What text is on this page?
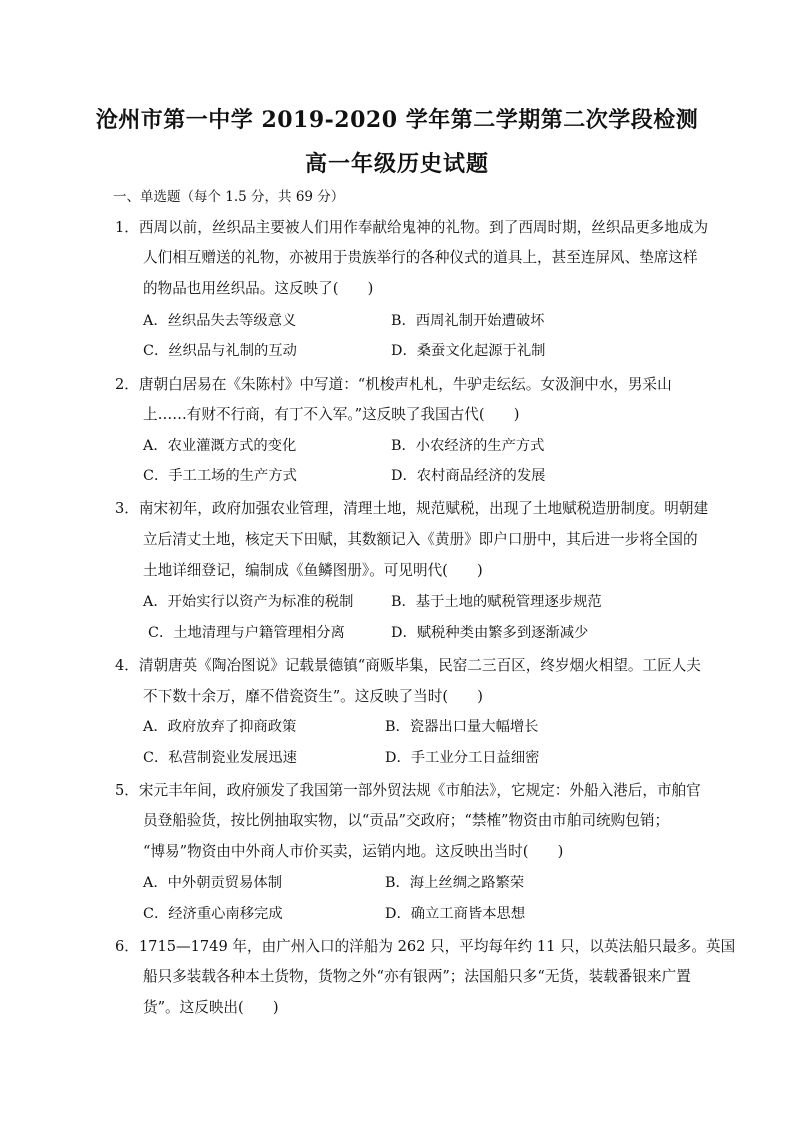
沧州市第一中学 2019-2020 学年第二学期第二次学段检测
高一年级历史试题
一、单选题（每个 1.5 分，共 69 分）
1．西周以前，丝织品主要被人们用作奉献给鬼神的礼物。到了西周时期，丝织品更多地成为
人们相互赠送的礼物，亦被用于贵族举行的各种仪式的道具上，甚至连屏风、垫席这样
的物品也用丝织品。这反映了(　　)
A．丝织品失去等级意义	B．西周礼制开始遭破坏
C．丝织品与礼制的互动	D．桑蚕文化起源于礼制
2．唐朝白居易在《朱陈村》中写道：“机梭声札札，牛驴走纭纭。女汲涧中水，男采山
上……有财不行商，有丁不入军。”这反映了我国古代(　　)
A．农业灌溉方式的变化	B．小农经济的生产方式
C．手工工场的生产方式	D．农村商品经济的发展
3．南宋初年，政府加强农业管理，清理土地，规范赋税，出现了土地赋税造册制度。明朝建
立后清丈土地，核定天下田赋，其数额记入《黄册》即户口册中，其后进一步将全国的
土地详细登记，编制成《鱼鳞图册》。可见明代(　　)
A．开始实行以资产为标准的税制	B．基于土地的赋税管理逐步规范
C．土地清理与户籍管理相分离	D．赋税种类由繁多到逐渐减少
4．清朝唐英《陶冶图说》记载景德镇“商贩毕集，民窑二三百区，终岁烟火相望。工匠人夫
不下数十余万，靡不借瓷资生”。这反映了当时(　　)
A．政府放弃了抑商政策	B．瓷器出口量大幅增长
C．私营制瓷业发展迅速	D．手工业分工日益细密
5．宋元丰年间，政府颁发了我国第一部外贸法规《市舶法》，它规定：外船入港后，市舶官
员登船验货，按比例抽取实物，以“贡品”交政府；“禁榷”物资由市舶司统购包销；
“博易”物资由中外商人市价买卖，运销内地。这反映出当时(　　)
A．中外朝贡贸易体制	B．海上丝绸之路繁荣
C．经济重心南移完成	D．确立工商皆本思想
6．1715—1749 年，由广州入口的洋船为 262 只，平均每年约 11 只，以英法船只最多。英国
船只多装载各种本土货物，货物之外“亦有银两”；法国船只多“无货，装载番银来广置
货”。这反映出(　　)
